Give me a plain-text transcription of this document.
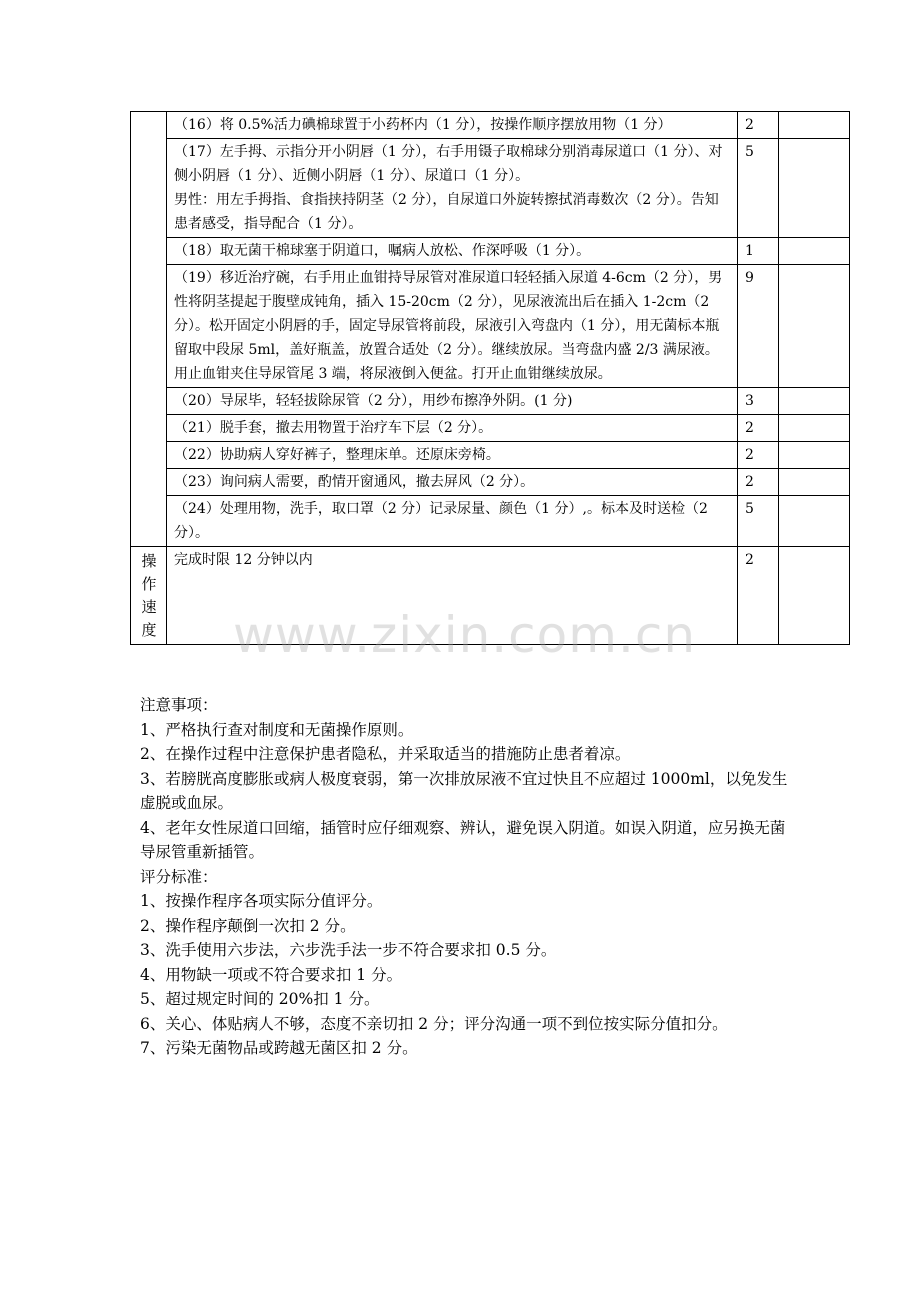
	（16）将 0.5%活力碘棉球置于小药杯内（1 分），按操作顺序摆放用物（1 分）	2	

	（17）左手拇、示指分开小阴唇（1 分），右手用镊子取棉球分别消毒尿道口（1 分）、对侧小阴唇（1 分）、近侧小阴唇（1 分）、尿道口（1 分）。
男性：用左手拇指、食指挟持阴茎（2 分），自尿道口外旋转擦拭消毒数次（2 分）。告知患者感受，指导配合（1 分）。	5	
	（18）取无菌干棉球塞于阴道口，嘱病人放松、作深呼吸（1 分）。	1	
	（19）移近治疗碗，右手用止血钳持导尿管对准尿道口轻轻插入尿道 4-6cm（2 分），男性将阴茎提起于腹壁成钝角，插入 15-20cm（2 分），见尿液流出后在插入 1-2cm（2 分）。松开固定小阴唇的手，固定导尿管将前段，尿液引入弯盘内（1 分），用无菌标本瓶留取中段尿 5ml，盖好瓶盖，放置合适处（2 分）。继续放尿。当弯盘内盛 2/3 满尿液。用止血钳夹住导尿管尾 3 端，将尿液倒入便盆。打开止血钳继续放尿。	9	
	（20）导尿毕，轻轻拔除尿管（2 分），用纱布擦净外阴。(1 分)	3	
	（21）脱手套，撤去用物置于治疗车下层（2 分）。	2	
	（22）协助病人穿好裤子，整理床单。还原床旁椅。	2	
	（23）询问病人需要，酌情开窗通风，撤去屏风（2 分）。	2	
	（24）处理用物，洗手，取口罩（2 分）记录尿量、颜色（1 分）,。标本及时送检（2 分）。	5	
操作速度	完成时限 12 分钟以内	2	
www.zixin.com.cn

注意事项：

1、严格执行查对制度和无菌操作原则。

2、在操作过程中注意保护患者隐私，并采取适当的措施防止患者着凉。

3、若膀胱高度膨胀或病人极度衰弱，第一次排放尿液不宜过快且不应超过 1000ml，以免发生虚脱或血尿。

4、老年女性尿道口回缩，插管时应仔细观察、辨认，避免误入阴道。如误入阴道，应另换无菌导尿管重新插管。

评分标准：

1、按操作程序各项实际分值评分。

2、操作程序颠倒一次扣 2 分。

3、洗手使用六步法，六步洗手法一步不符合要求扣 0.5 分。

4、用物缺一项或不符合要求扣 1 分。

5、超过规定时间的 20%扣 1 分。

6、关心、体贴病人不够，态度不亲切扣 2 分；评分沟通一项不到位按实际分值扣分。

7、污染无菌物品或跨越无菌区扣 2 分。
